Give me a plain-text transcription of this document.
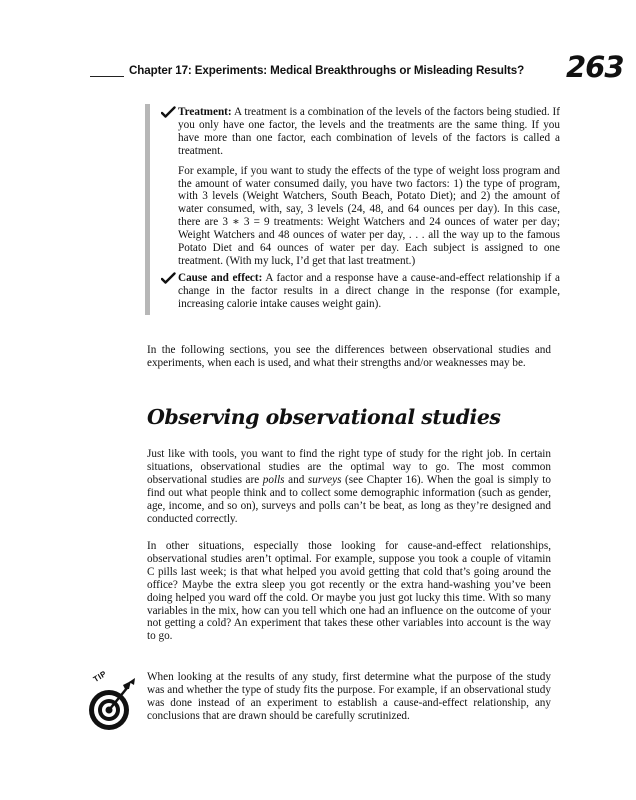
Chapter 17: Experiments: Medical Breakthroughs or Misleading Results? 263

Treatment: A treatment is a combination of the levels of the factors being studied. If you only have one factor, the levels and the treatments are the same thing. If you have more than one factor, each combination of levels of the factors is called a treatment.

For example, if you want to study the effects of the type of weight loss program and the amount of water consumed daily, you have two factors: 1) the type of program, with 3 levels (Weight Watchers, South Beach, Potato Diet); and 2) the amount of water consumed, with, say, 3 levels (24, 48, and 64 ounces per day). In this case, there are 3 ∗ 3 = 9 treatments: Weight Watchers and 24 ounces of water per day; Weight Watchers and 48 ounces of water per day, . . . all the way up to the famous Potato Diet and 64 ounces of water per day. Each subject is assigned to one treatment. (With my luck, I’d get that last treatment.)

Cause and effect: A factor and a response have a cause-and-effect relationship if a change in the factor results in a direct change in the response (for example, increasing calorie intake causes weight gain).

In the following sections, you see the differences between observational studies and experiments, when each is used, and what their strengths and/or weaknesses may be.

Observing observational studies

Just like with tools, you want to find the right type of study for the right job. In certain situations, observational studies are the optimal way to go. The most common observational studies are polls and surveys (see Chapter 16). When the goal is simply to find out what people think and to collect some demographic information (such as gender, age, income, and so on), surveys and polls can’t be beat, as long as they’re designed and conducted correctly.

In other situations, especially those looking for cause-and-effect relationships, observational studies aren’t optimal. For example, suppose you took a couple of vitamin C pills last week; is that what helped you avoid getting that cold that’s going around the office? Maybe the extra sleep you got recently or the extra hand-washing you’ve been doing helped you ward off the cold. Or maybe you just got lucky this time. With so many variables in the mix, how can you tell which one had an influence on the outcome of your not getting a cold? An experiment that takes these other variables into account is the way to go.

TIP	When looking at the results of any study, first determine what the purpose of the study was and whether the type of study fits the purpose. For example, if an observational study was done instead of an experiment to establish a cause-and-effect relationship, any conclusions that are drawn should be carefully scrutinized.
